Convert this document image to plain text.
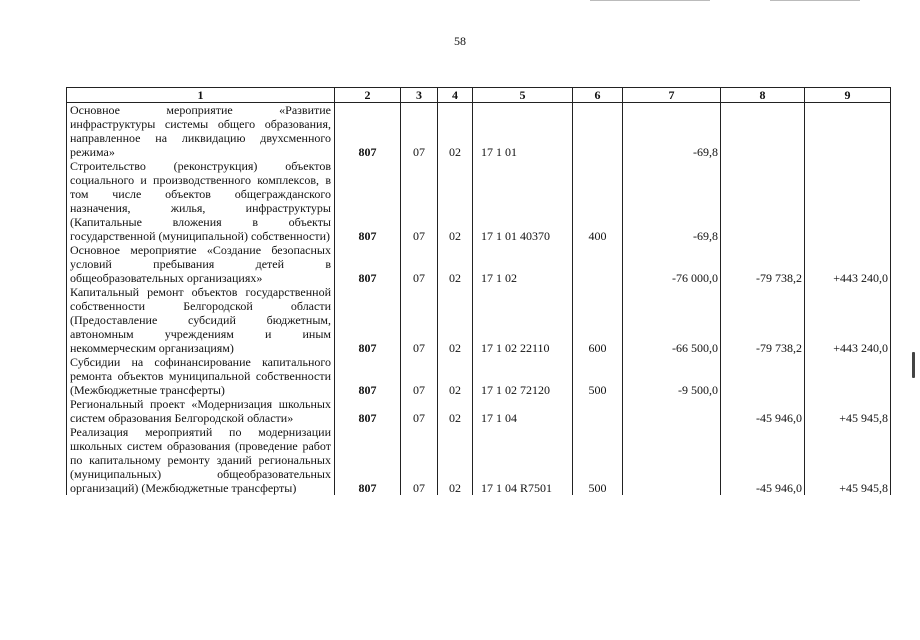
58
1	2	3	4	5	6	7	8	9
Основное мероприятие «Развитие инфраструктуры системы общего образования, направленное на ликвидацию двухсменного режима»	807	07	02	17 1 01		-69,8		
Строительство (реконструкция) объектов социального и производственного комплексов, в том числе объектов общегражданского назначения, жилья, инфраструктуры (Капитальные вложения в объекты государственной (муниципальной) собственности)	807	07	02	17 1 01 40370	400	-69,8		
Основное мероприятие «Создание безопасных условий пребывания детей в общеобразовательных организациях»	807	07	02	17 1 02		-76 000,0	-79 738,2	+443 240,0
Капитальный ремонт объектов государственной собственности Белгородской области (Предоставление субсидий бюджетным, автономным учреждениям и иным некоммерческим организациям)	807	07	02	17 1 02 22110	600	-66 500,0	-79 738,2	+443 240,0
Субсидии на софинансирование капитального ремонта объектов муниципальной собственности (Межбюджетные трансферты)	807	07	02	17 1 02 72120	500	-9 500,0		
Региональный проект «Модернизация школьных систем образования Белгородской области»	807	07	02	17 1 04			-45 946,0	+45 945,8
Реализация мероприятий по модернизации школьных систем образования (проведение работ по капитальному ремонту зданий региональных (муниципальных) общеобразовательных организаций) (Межбюджетные трансферты)	807	07	02	17 1 04 R7501	500		-45 946,0	+45 945,8
